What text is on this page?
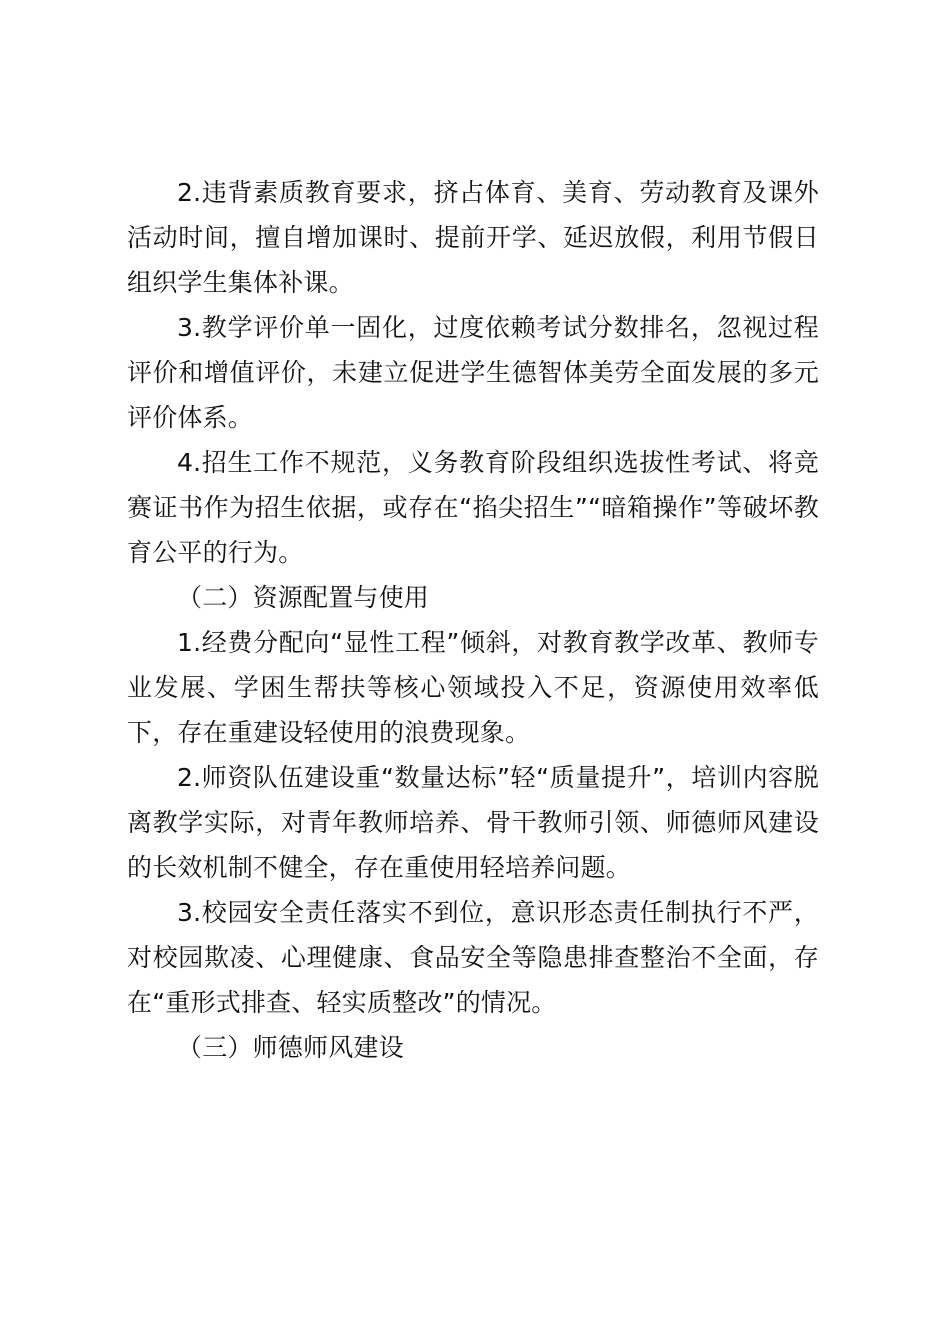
2.违背素质教育要求，挤占体育、美育、劳动教育及课外活动时间，擅自增加课时、提前开学、延迟放假，利用节假日组织学生集体补课。

3.教学评价单一固化，过度依赖考试分数排名，忽视过程评价和增值评价，未建立促进学生德智体美劳全面发展的多元评价体系。

4.招生工作不规范，义务教育阶段组织选拔性考试、将竞赛证书作为招生依据，或存在“掐尖招生”“暗箱操作”等破坏教育公平的行为。

（二）资源配置与使用

1.经费分配向“显性工程”倾斜，对教育教学改革、教师专业发展、学困生帮扶等核心领域投入不足，资源使用效率低下，存在重建设轻使用的浪费现象。

2.师资队伍建设重“数量达标”轻“质量提升”，培训内容脱离教学实际，对青年教师培养、骨干教师引领、师德师风建设的长效机制不健全，存在重使用轻培养问题。

3.校园安全责任落实不到位，意识形态责任制执行不严，对校园欺凌、心理健康、食品安全等隐患排查整治不全面，存在“重形式排查、轻实质整改”的情况。

（三）师德师风建设
